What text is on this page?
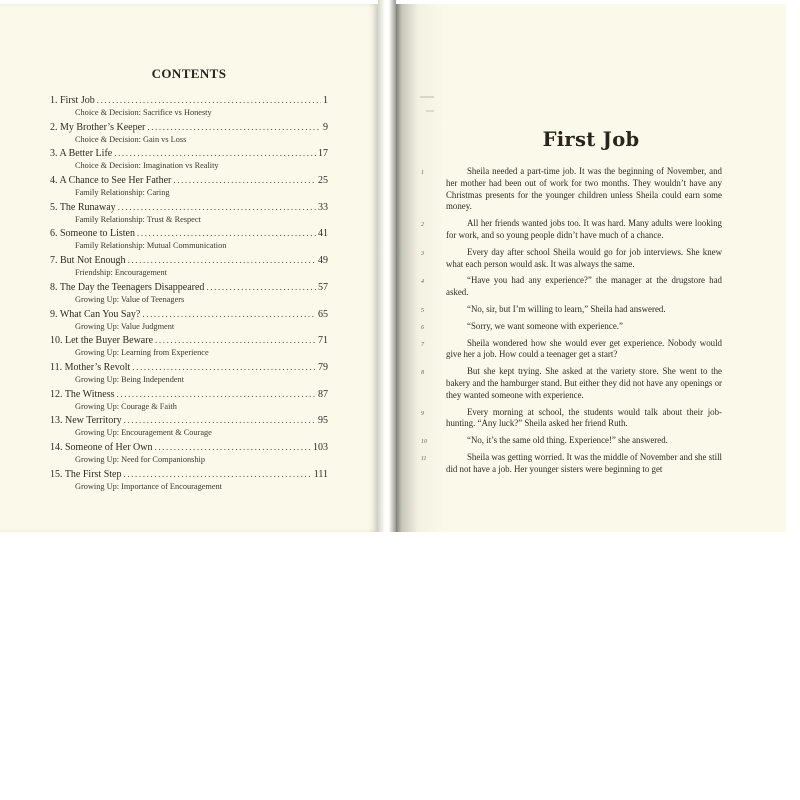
CONTENTS
1. First Job .....	1
Choice & Decision: Sacrifice vs Honesty
2. My Brother’s Keeper .....	9
Choice & Decision: Gain vs Loss
3. A Better Life .....	17
Choice & Decision: Imagination vs Reality
4. A Chance to See Her Father .....	25
Family Relationship: Caring
5. The Runaway .....	33
Family Relationship: Trust & Respect
6. Someone to Listen .....	41
Family Relationship: Mutual Communication
7. But Not Enough .....	49
Friendship: Encouragement
8. The Day the Teenagers Disappeared .....	57
Growing Up: Value of Teenagers
9. What Can You Say? .....	65
Growing Up: Value Judgment
10. Let the Buyer Beware .....	71
Growing Up: Learning from Experience
11. Mother’s Revolt .....	79
Growing Up: Being Independent
12. The Witness .....	87
Growing Up: Courage & Faith
13. New Territory .....	95
Growing Up: Encouragement & Courage
14. Someone of Her Own .....	103
Growing Up: Need for Companionship
15. The First Step .....	111
Growing Up: Importance of Encouragement
First Job
1	Sheila needed a part-time job. It was the beginning of November, and her mother had been out of work for two months. They wouldn’t have any Christmas presents for the younger children unless Sheila could earn some money.
2	All her friends wanted jobs too. It was hard. Many adults were looking for work, and so young people didn’t have much of a chance.
3	Every day after school Sheila would go for job interviews. She knew what each person would ask. It was always the same.
4	“Have you had any experience?” the manager at the drugstore had asked.
5	“No, sir, but I’m willing to learn,” Sheila had answered.
6	“Sorry, we want someone with experience.”
7	Sheila wondered how she would ever get experience. Nobody would give her a job. How could a teenager get a start?
8	But she kept trying. She asked at the variety store. She went to the bakery and the hamburger stand. But either they did not have any openings or they wanted someone with experience.
9	Every morning at school, the students would talk about their job-hunting. “Any luck?” Sheila asked her friend Ruth.
10	“No, it’s the same old thing. Experience!” she answered.
11	Sheila was getting worried. It was the middle of November and she still did not have a job. Her younger sisters were beginning to get
